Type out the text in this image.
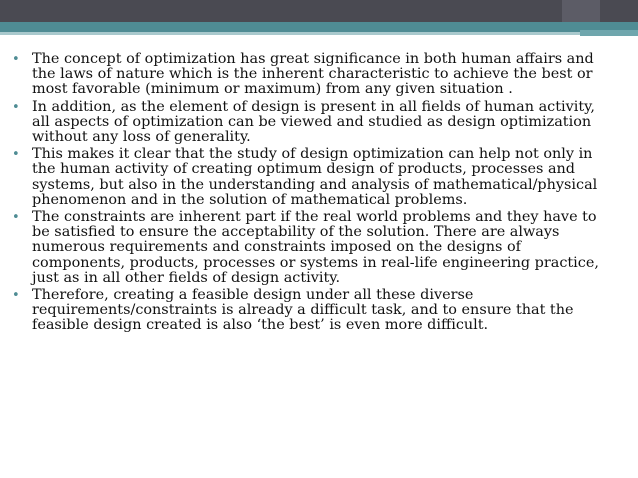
• The concept of optimization has great significance in both human affairs and the laws of nature which is the inherent characteristic to achieve the best or most favorable (minimum or maximum) from any given situation .
• In addition, as the element of design is present in all fields of human activity, all aspects of optimization can be viewed and studied as design optimization without any loss of generality.
• This makes it clear that the study of design optimization can help not only in the human activity of creating optimum design of products, processes and systems, but also in the understanding and analysis of mathematical/physical phenomenon and in the solution of mathematical problems.
• The constraints are inherent part if the real world problems and they have to be satisfied to ensure the acceptability of the solution. There are always numerous requirements and constraints imposed on the designs of components, products, processes or systems in real-life engineering practice, just as in all other fields of design activity.
• Therefore, creating a feasible design under all these diverse requirements/constraints is already a difficult task, and to ensure that the feasible design created is also ‘the best’ is even more difficult.
